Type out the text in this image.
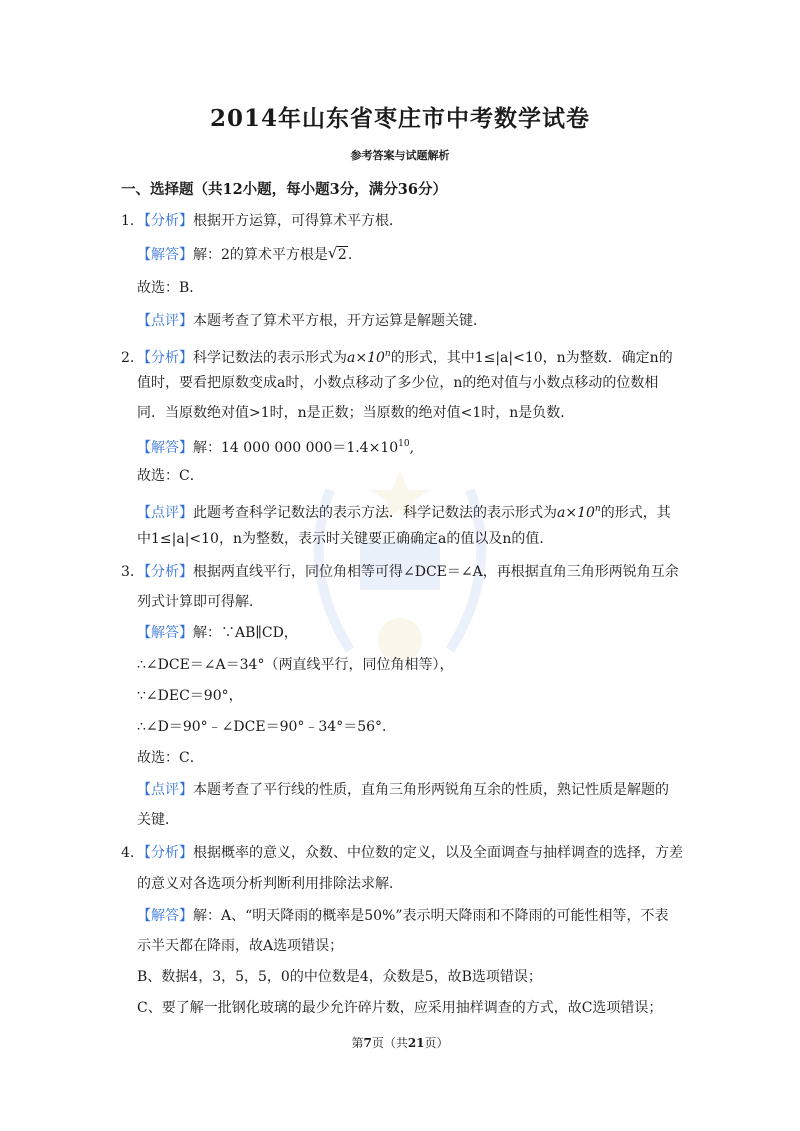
2014年山东省枣庄市中考数学试卷
参考答案与试题解析
一、选择题（共12小题，每小题3分，满分36分）
1. 【分析】根据开方运算，可得算术平方根．
【解答】解：2的算术平方根是 √ 2.
故选：B．
【点评】本题考查了算术平方根，开方运算是解题关键．
2. 【分析】科学记数法的表示形式为$a\times 10^n$的形式，其中1≤|a|<10，n为整数．确定n的
值时，要看把原数变成a时，小数点移动了多少位，n的绝对值与小数点移动的位数相
同．当原数绝对值>1时，n是正数；当原数的绝对值<1时，n是负数．
【解答】解：14 000 000 $000=1.4\times 10^{10}$,
故选：C．
【点评】此题考查科学记数法的表示方法．科学记数法的表示形式为$a\times 10^n$的形式，其
中1≤|a|<10，n为整数，表示时关键要正确确定a的值以及n的值．
3. 【分析】根据两直线平行，同位角相等可得∠DCE＝∠A，再根据直角三角形两锐角互余
列式计算即可得解．
【解答】解：∵AB∥CD，
∴∠DCE＝∠A＝34°（两直线平行，同位角相等），
∵∠DEC＝90°，
∴∠D＝90°﹣∠DCE＝90°﹣34°＝56°．
故选：C．
【点评】本题考查了平行线的性质，直角三角形两锐角互余的性质，熟记性质是解题的
关键．
4. 【分析】根据概率的意义，众数、中位数的定义，以及全面调查与抽样调查的选择，方差
的意义对各选项分析判断利用排除法求解．
【解答】解：A、“明天降雨的概率是50%”表示明天降雨和不降雨的可能性相等，不表
示半天都在降雨，故A选项错误；
B、数据4，3，5，5，0的中位数是4，众数是5，故B选项错误；
C、要了解一批钢化玻璃的最少允许碎片数，应采用抽样调查的方式，故C选项错误；
第7页（共21页）
